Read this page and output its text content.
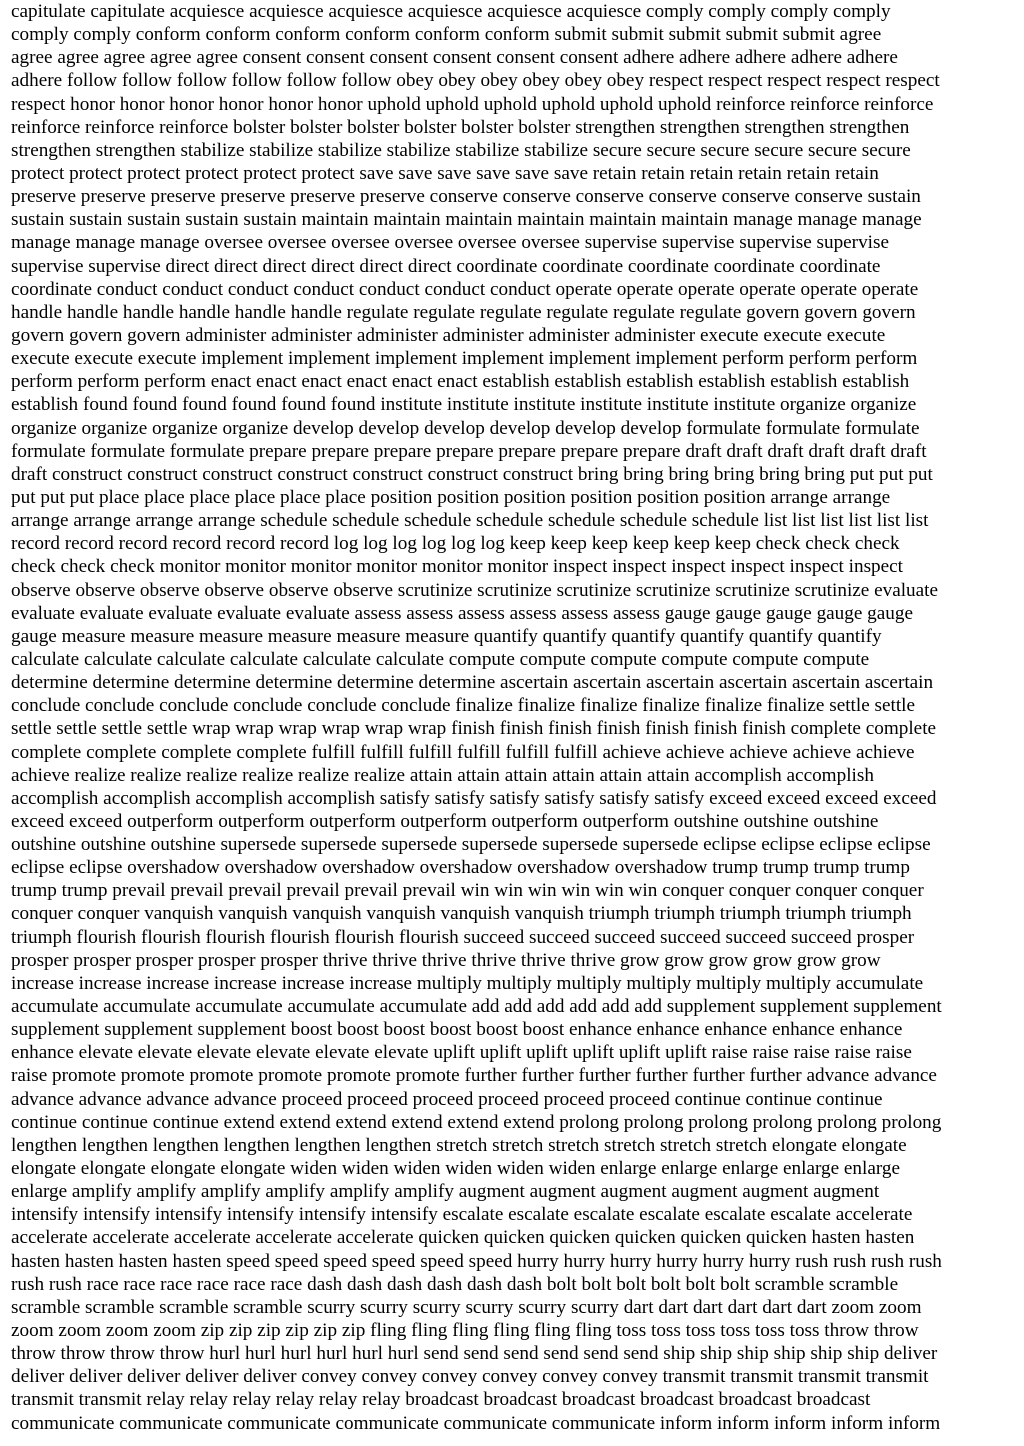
capitulate capitulate acquiesce acquiesce acquiesce acquiesce acquiesce acquiesce comply comply comply comply
comply comply conform conform conform conform conform conform submit submit submit submit submit agree
agree agree agree agree agree consent consent consent consent consent consent adhere adhere adhere adhere adhere
adhere follow follow follow follow follow follow obey obey obey obey obey obey respect respect respect respect respect
respect honor honor honor honor honor honor uphold uphold uphold uphold uphold uphold reinforce reinforce reinforce
reinforce reinforce reinforce bolster bolster bolster bolster bolster bolster strengthen strengthen strengthen strengthen
strengthen strengthen stabilize stabilize stabilize stabilize stabilize stabilize secure secure secure secure secure secure
protect protect protect protect protect protect save save save save save save retain retain retain retain retain retain
preserve preserve preserve preserve preserve preserve conserve conserve conserve conserve conserve conserve sustain
sustain sustain sustain sustain sustain maintain maintain maintain maintain maintain maintain manage manage manage
manage manage manage oversee oversee oversee oversee oversee oversee supervise supervise supervise supervise
supervise supervise direct direct direct direct direct direct coordinate coordinate coordinate coordinate coordinate
coordinate conduct conduct conduct conduct conduct conduct conduct operate operate operate operate operate operate
handle handle handle handle handle handle regulate regulate regulate regulate regulate regulate govern govern govern
govern govern govern administer administer administer administer administer administer execute execute execute
execute execute execute implement implement implement implement implement implement perform perform perform
perform perform perform enact enact enact enact enact enact establish establish establish establish establish establish
establish found found found found found found institute institute institute institute institute institute organize organize
organize organize organize organize develop develop develop develop develop develop formulate formulate formulate
formulate formulate formulate prepare prepare prepare prepare prepare prepare prepare draft draft draft draft draft draft
draft construct construct construct construct construct construct construct bring bring bring bring bring bring put put put
put put put place place place place place place position position position position position position arrange arrange
arrange arrange arrange arrange schedule schedule schedule schedule schedule schedule schedule list list list list list list
record record record record record record log log log log log log keep keep keep keep keep keep check check check
check check check monitor monitor monitor monitor monitor monitor inspect inspect inspect inspect inspect inspect
observe observe observe observe observe observe scrutinize scrutinize scrutinize scrutinize scrutinize scrutinize evaluate
evaluate evaluate evaluate evaluate evaluate assess assess assess assess assess assess gauge gauge gauge gauge gauge
gauge measure measure measure measure measure measure quantify quantify quantify quantify quantify quantify
calculate calculate calculate calculate calculate calculate compute compute compute compute compute compute
determine determine determine determine determine determine ascertain ascertain ascertain ascertain ascertain ascertain
conclude conclude conclude conclude conclude conclude finalize finalize finalize finalize finalize finalize settle settle
settle settle settle settle wrap wrap wrap wrap wrap wrap finish finish finish finish finish finish finish complete complete
complete complete complete complete fulfill fulfill fulfill fulfill fulfill fulfill achieve achieve achieve achieve achieve
achieve realize realize realize realize realize realize attain attain attain attain attain attain accomplish accomplish
accomplish accomplish accomplish accomplish satisfy satisfy satisfy satisfy satisfy satisfy exceed exceed exceed exceed
exceed exceed outperform outperform outperform outperform outperform outperform outshine outshine outshine
outshine outshine outshine supersede supersede supersede supersede supersede supersede eclipse eclipse eclipse eclipse
eclipse eclipse overshadow overshadow overshadow overshadow overshadow overshadow trump trump trump trump
trump trump prevail prevail prevail prevail prevail prevail win win win win win win conquer conquer conquer conquer
conquer conquer vanquish vanquish vanquish vanquish vanquish vanquish triumph triumph triumph triumph triumph
triumph flourish flourish flourish flourish flourish flourish succeed succeed succeed succeed succeed succeed prosper
prosper prosper prosper prosper prosper thrive thrive thrive thrive thrive thrive grow grow grow grow grow grow
increase increase increase increase increase increase multiply multiply multiply multiply multiply multiply accumulate
accumulate accumulate accumulate accumulate accumulate add add add add add add supplement supplement supplement
supplement supplement supplement boost boost boost boost boost boost enhance enhance enhance enhance enhance
enhance elevate elevate elevate elevate elevate elevate uplift uplift uplift uplift uplift uplift raise raise raise raise raise
raise promote promote promote promote promote promote further further further further further further advance advance
advance advance advance advance proceed proceed proceed proceed proceed proceed continue continue continue
continue continue continue extend extend extend extend extend extend prolong prolong prolong prolong prolong prolong
lengthen lengthen lengthen lengthen lengthen lengthen stretch stretch stretch stretch stretch stretch elongate elongate
elongate elongate elongate elongate widen widen widen widen widen widen enlarge enlarge enlarge enlarge enlarge
enlarge amplify amplify amplify amplify amplify amplify augment augment augment augment augment augment
intensify intensify intensify intensify intensify intensify escalate escalate escalate escalate escalate escalate accelerate
accelerate accelerate accelerate accelerate accelerate quicken quicken quicken quicken quicken quicken hasten hasten
hasten hasten hasten hasten speed speed speed speed speed speed hurry hurry hurry hurry hurry hurry rush rush rush rush
rush rush race race race race race race dash dash dash dash dash dash bolt bolt bolt bolt bolt bolt scramble scramble
scramble scramble scramble scramble scurry scurry scurry scurry scurry scurry dart dart dart dart dart dart zoom zoom
zoom zoom zoom zoom zip zip zip zip zip zip fling fling fling fling fling fling toss toss toss toss toss toss throw throw
throw throw throw throw hurl hurl hurl hurl hurl hurl send send send send send send ship ship ship ship ship ship deliver
deliver deliver deliver deliver deliver convey convey convey convey convey convey transmit transmit transmit transmit
transmit transmit relay relay relay relay relay relay broadcast broadcast broadcast broadcast broadcast broadcast
communicate communicate communicate communicate communicate communicate inform inform inform inform inform
